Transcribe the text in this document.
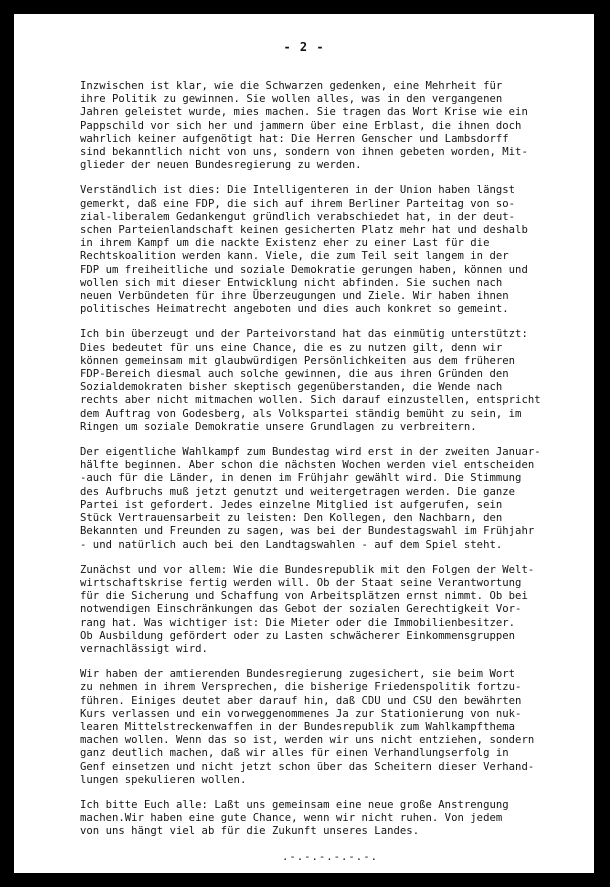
- 2 -
Inzwischen ist klar, wie die Schwarzen gedenken, eine Mehrheit für
ihre Politik zu gewinnen. Sie wollen alles, was in den vergangenen
Jahren geleistet wurde, mies machen. Sie tragen das Wort Krise wie ein
Pappschild vor sich her und jammern über eine Erblast, die ihnen doch
wahrlich keiner aufgenötigt hat: Die Herren Genscher und Lambsdorff
sind bekanntlich nicht von uns, sondern von ihnen gebeten worden, Mit-
glieder der neuen Bundesregierung zu werden.
Verständlich ist dies: Die Intelligenteren in der Union haben längst
gemerkt, daß eine FDP, die sich auf ihrem Berliner Parteitag von so-
zial-liberalem Gedankengut gründlich verabschiedet hat, in der deut-
schen Parteienlandschaft keinen gesicherten Platz mehr hat und deshalb
in ihrem Kampf um die nackte Existenz eher zu einer Last für die
Rechtskoalition werden kann. Viele, die zum Teil seit langem in der
FDP um freiheitliche und soziale Demokratie gerungen haben, können und
wollen sich mit dieser Entwicklung nicht abfinden. Sie suchen nach
neuen Verbündeten für ihre Überzeugungen und Ziele. Wir haben ihnen
politisches Heimatrecht angeboten und dies auch konkret so gemeint.
Ich bin überzeugt und der Parteivorstand hat das einmütig unterstützt:
Dies bedeutet für uns eine Chance, die es zu nutzen gilt, denn wir
können gemeinsam mit glaubwürdigen Persönlichkeiten aus dem früheren
FDP-Bereich diesmal auch solche gewinnen, die aus ihren Gründen den
Sozialdemokraten bisher skeptisch gegenüberstanden, die Wende nach
rechts aber nicht mitmachen wollen. Sich darauf einzustellen, entspricht
dem Auftrag von Godesberg, als Volkspartei ständig bemüht zu sein, im
Ringen um soziale Demokratie unsere Grundlagen zu verbreitern.
Der eigentliche Wahlkampf zum Bundestag wird erst in der zweiten Januar-
hälfte beginnen. Aber schon die nächsten Wochen werden viel entscheiden
-auch für die Länder, in denen im Frühjahr gewählt wird. Die Stimmung
des Aufbruchs muß jetzt genutzt und weitergetragen werden. Die ganze
Partei ist gefordert. Jedes einzelne Mitglied ist aufgerufen, sein
Stück Vertrauensarbeit zu leisten: Den Kollegen, den Nachbarn, den
Bekannten und Freunden zu sagen, was bei der Bundestagswahl im Frühjahr
- und natürlich auch bei den Landtagswahlen - auf dem Spiel steht.
Zunächst und vor allem: Wie die Bundesrepublik mit den Folgen der Welt-
wirtschaftskrise fertig werden will. Ob der Staat seine Verantwortung
für die Sicherung und Schaffung von Arbeitsplätzen ernst nimmt. Ob bei
notwendigen Einschränkungen das Gebot der sozialen Gerechtigkeit Vor-
rang hat. Was wichtiger ist: Die Mieter oder die Immobilienbesitzer.
Ob Ausbildung gefördert oder zu Lasten schwächerer Einkommensgruppen
vernachlässigt wird.
Wir haben der amtierenden Bundesregierung zugesichert, sie beim Wort
zu nehmen in ihrem Versprechen, die bisherige Friedenspolitik fortzu-
führen. Einiges deutet aber darauf hin, daß CDU und CSU den bewährten
Kurs verlassen und ein vorweggenommenes Ja zur Stationierung von nuk-
learen Mittelstreckenwaffen in der Bundesrepublik zum Wahlkampfthema
machen wollen. Wenn das so ist, werden wir uns nicht entziehen, sondern
ganz deutlich machen, daß wir alles für einen Verhandlungserfolg in
Genf einsetzen und nicht jetzt schon über das Scheitern dieser Verhand-
lungen spekulieren wollen.
Ich bitte Euch alle: Laßt uns gemeinsam eine neue große Anstrengung
machen.Wir haben eine gute Chance, wenn wir nicht ruhen. Von jedem
von uns hängt viel ab für die Zukunft unseres Landes.
.-.-.-.-.-.-.
